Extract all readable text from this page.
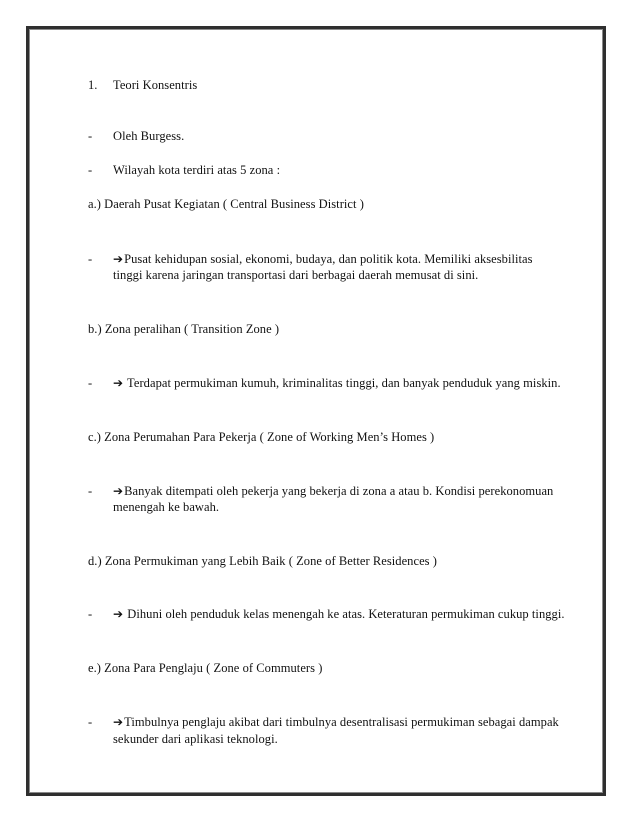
1. Teori Konsentris
- Oleh Burgess.
- Wilayah kota terdiri atas 5 zona :
a.) Daerah Pusat Kegiatan ( Central Business District )
- ➔Pusat kehidupan sosial, ekonomi, budaya, dan politik kota. Memiliki aksesbilitas
tinggi karena jaringan transportasi dari berbagai daerah memusat di sini.
b.) Zona peralihan ( Transition Zone )
- ➔ Terdapat permukiman kumuh, kriminalitas tinggi, dan banyak penduduk yang miskin.
c.) Zona Perumahan Para Pekerja ( Zone of Working Men’s Homes )
- ➔Banyak ditempati oleh pekerja yang bekerja di zona a atau b. Kondisi perekonomuan
menengah ke bawah.
d.) Zona Permukiman yang Lebih Baik ( Zone of Better Residences )
- ➔ Dihuni oleh penduduk kelas menengah ke atas. Keteraturan permukiman cukup tinggi.
e.) Zona Para Penglaju ( Zone of Commuters )
- ➔Timbulnya penglaju akibat dari timbulnya desentralisasi permukiman sebagai dampak
sekunder dari aplikasi teknologi.
